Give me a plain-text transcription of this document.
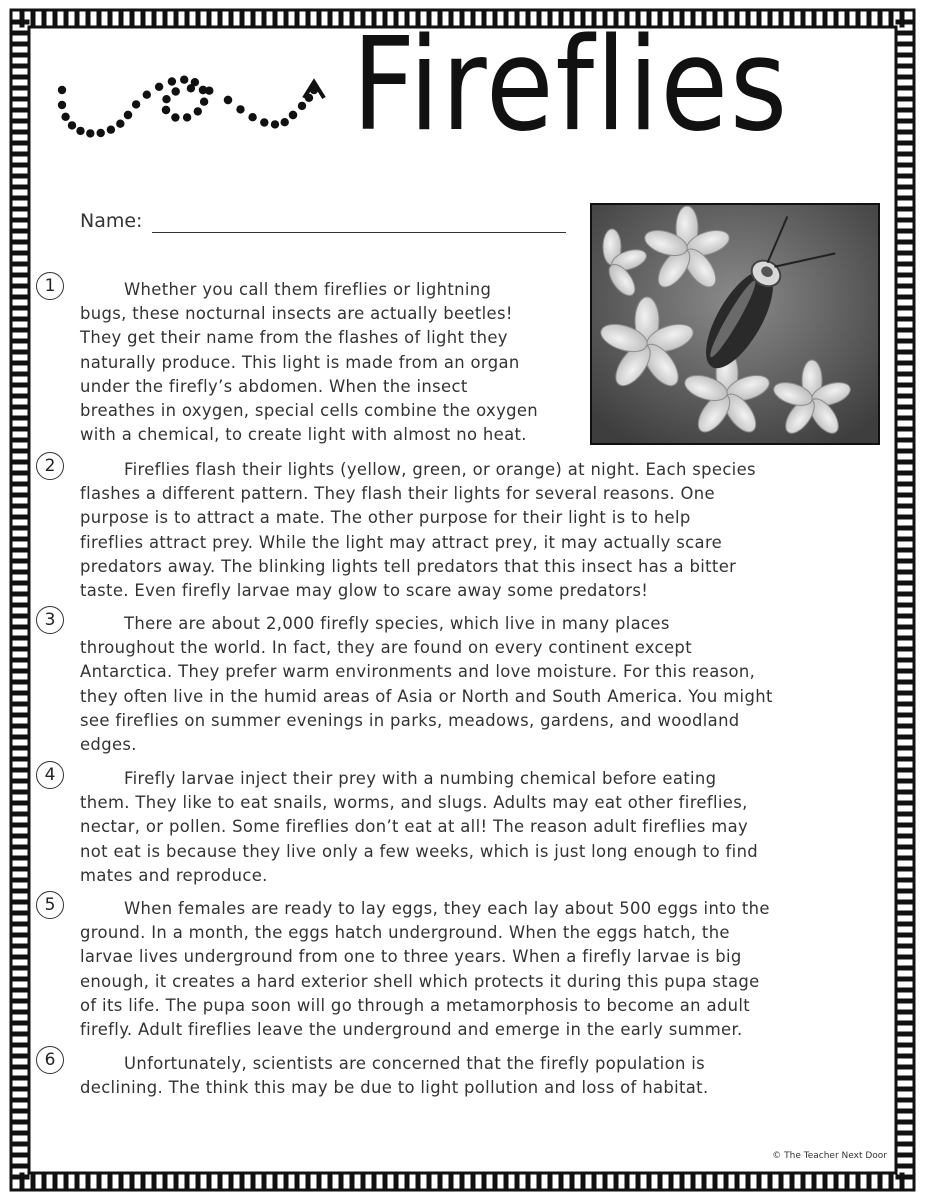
Fireflies
Name:
1	Whether you call them fireflies or lightning
bugs, these nocturnal insects are actually beetles!
They get their name from the flashes of light they
naturally produce. This light is made from an organ
under the firefly’s abdomen. When the insect
breathes in oxygen, special cells combine the oxygen
with a chemical, to create light with almost no heat.
2	Fireflies flash their lights (yellow, green, or orange) at night. Each species
flashes a different pattern. They flash their lights for several reasons. One
purpose is to attract a mate. The other purpose for their light is to help
fireflies attract prey. While the light may attract prey, it may actually scare
predators away. The blinking lights tell predators that this insect has a bitter
taste. Even firefly larvae may glow to scare away some predators!
3	There are about 2,000 firefly species, which live in many places
throughout the world. In fact, they are found on every continent except
Antarctica. They prefer warm environments and love moisture. For this reason,
they often live in the humid areas of Asia or North and South America. You might
see fireflies on summer evenings in parks, meadows, gardens, and woodland
edges.
4	Firefly larvae inject their prey with a numbing chemical before eating
them. They like to eat snails, worms, and slugs. Adults may eat other fireflies,
nectar, or pollen. Some fireflies don’t eat at all! The reason adult fireflies may
not eat is because they live only a few weeks, which is just long enough to find
mates and reproduce.
5	When females are ready to lay eggs, they each lay about 500 eggs into the
ground. In a month, the eggs hatch underground. When the eggs hatch, the
larvae lives underground from one to three years. When a firefly larvae is big
enough, it creates a hard exterior shell which protects it during this pupa stage
of its life. The pupa soon will go through a metamorphosis to become an adult
firefly. Adult fireflies leave the underground and emerge in the early summer.
6	Unfortunately, scientists are concerned that the firefly population is
declining. The think this may be due to light pollution and loss of habitat.
© The Teacher Next Door
